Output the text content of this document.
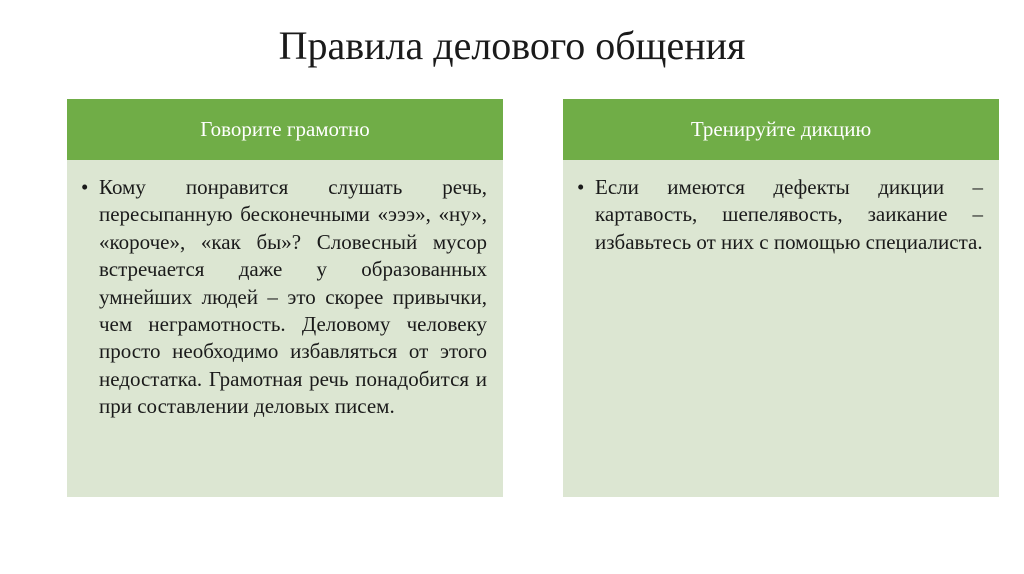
Правила делового общения
Говорите грамотно
• Кому понравится слушать речь, пересыпанную бесконечными «эээ», «ну», «короче», «как бы»? Словесный мусор встречается даже у образованных умнейших людей – это скорее привычки, чем неграмотность. Деловому человеку просто необходимо избавляться от этого недостатка. Грамотная речь понадобится и при составлении деловых писем.
Тренируйте дикцию
• Если имеются дефекты дикции – картавость, шепелявость, заикание – избавьтесь от них с помощью специалиста.
